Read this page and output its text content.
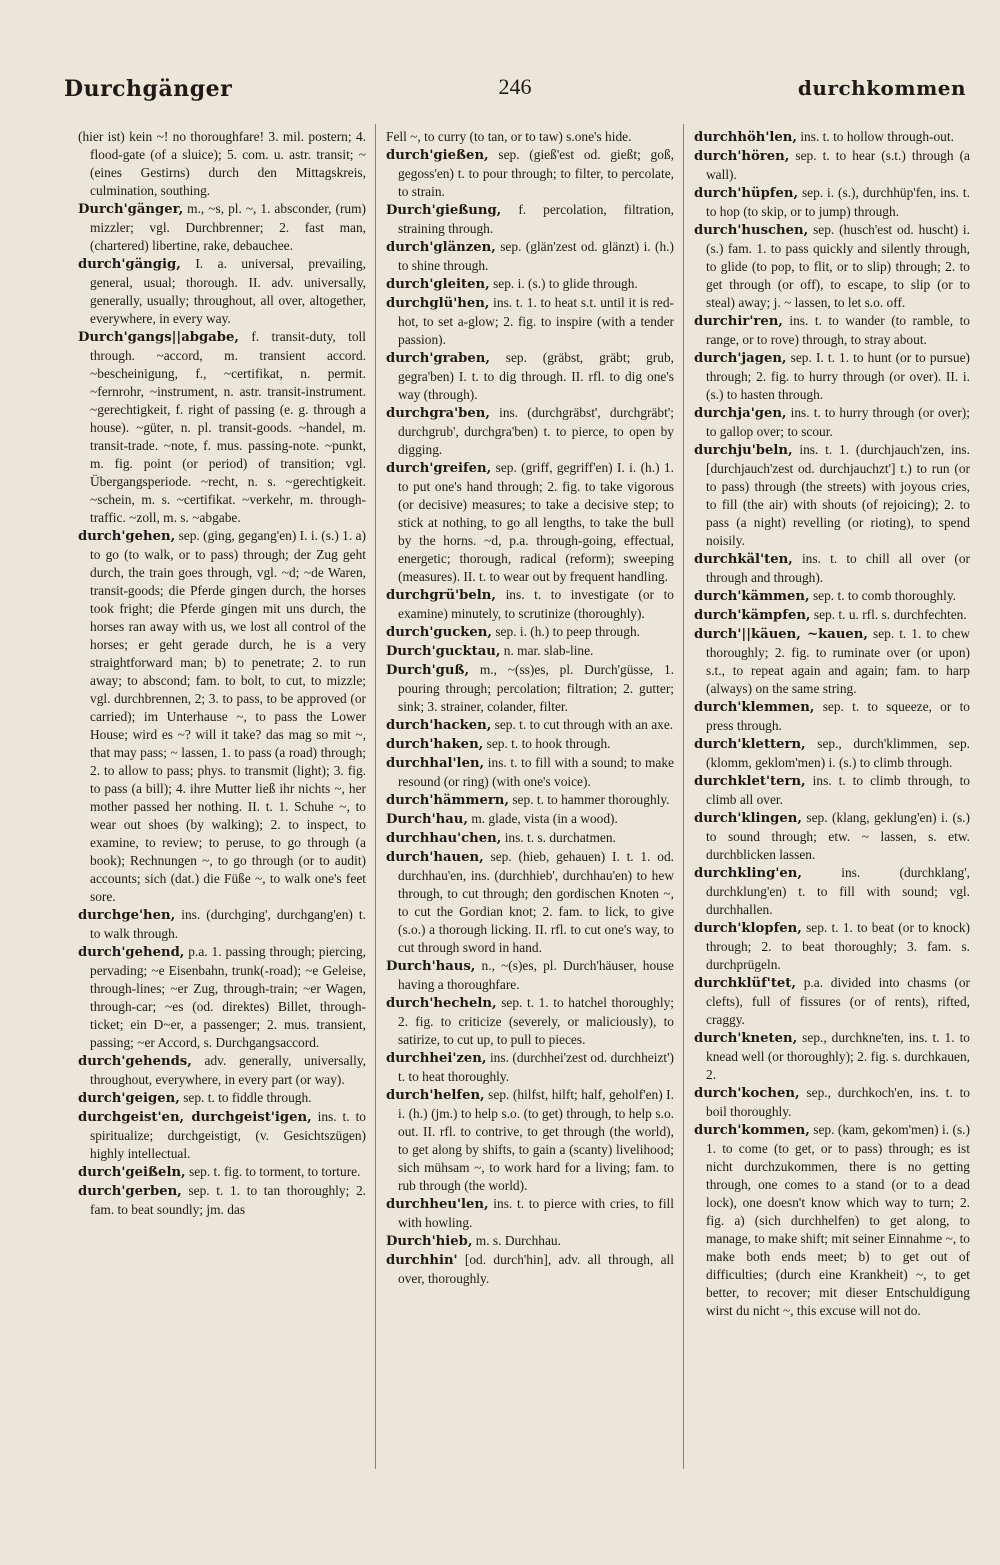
Durchgänger	246	durchkommen

(hier ist) kein ~! no thoroughfare! 3. mil. postern; 4. flood-gate (of a sluice); 5. com. u. astr. transit; ~ (eines Gestirns) durch den Mittagskreis, culmination, southing.

Durch'gänger, m., ~s, pl. ~, 1. absconder, (rum) mizzler; vgl. Durchbrenner; 2. fast man, (chartered) libertine, rake, debauchee.

durch'gängig, I. a. universal, prevailing, general, usual; thorough. II. adv. universally, generally, usually; throughout, all over, altogether, everywhere, in every way.

Durch'gangs||abgabe, f. transit-duty, toll through. ~accord, m. transient accord. ~bescheinigung, f., ~certifikat, n. permit. ~fernrohr, ~instrument, n. astr. transit-instrument. ~gerechtigkeit, f. right of passing (e. g. through a house). ~güter, n. pl. transit-goods. ~handel, m. transit-trade. ~note, f. mus. passing-note. ~punkt, m. fig. point (or period) of transition; vgl. Übergangsperiode. ~recht, n. s. ~gerechtigkeit. ~schein, m. s. ~certifikat. ~verkehr, m. through-traffic. ~zoll, m. s. ~abgabe.

durch'gehen, sep. (ging, gegang'en) I. i. (s.) 1. a) to go (to walk, or to pass) through; der Zug geht durch, the train goes through, vgl. ~d; ~de Waren, transit-goods; die Pferde gingen durch, the horses took fright; die Pferde gingen mit uns durch, the horses ran away with us, we lost all control of the horses; er geht gerade durch, he is a very straightforward man; b) to penetrate; 2. to run away; to abscond; fam. to bolt, to cut, to mizzle; vgl. durchbrennen, 2; 3. to pass, to be approved (or carried); im Unterhause ~, to pass the Lower House; wird es ~? will it take? das mag so mit ~, that may pass; ~ lassen, 1. to pass (a road) through; 2. to allow to pass; phys. to transmit (light); 3. fig. to pass (a bill); 4. ihre Mutter ließ ihr nichts ~, her mother passed her nothing. II. t. 1. Schuhe ~, to wear out shoes (by walking); 2. to inspect, to examine, to review; to peruse, to go through (a book); Rechnungen ~, to go through (or to audit) accounts; sich (dat.) die Füße ~, to walk one's feet sore.

durchge'hen, ins. (durchging', durchgang'en) t. to walk through.

durch'gehend, p.a. 1. passing through; piercing, pervading; ~e Eisenbahn, trunk(-road); ~e Geleise, through-lines; ~er Zug, through-train; ~er Wagen, through-car; ~es (od. direktes) Billet, through-ticket; ein D~er, a passenger; 2. mus. transient, passing; ~er Accord, s. Durchgangsaccord.

durch'gehends, adv. generally, universally, throughout, everywhere, in every part (or way).

durch'geigen, sep. t. to fiddle through.

durchgeist'en, durchgeist'igen, ins. t. to spiritualize; durchgeistigt, (v. Gesichtszügen) highly intellectual.

durch'geißeln, sep. t. fig. to torment, to torture.

durch'gerben, sep. t. 1. to tan thoroughly; 2. fam. to beat soundly; jm. das

Fell ~, to curry (to tan, or to taw) s.one's hide.

durch'gießen, sep. (gieß'est od. gießt; goß, gegoss'en) t. to pour through; to filter, to percolate, to strain.

Durch'gießung, f. percolation, filtration, straining through.

durch'glänzen, sep. (glän'zest od. glänzt) i. (h.) to shine through.

durch'gleiten, sep. i. (s.) to glide through.

durchglü'hen, ins. t. 1. to heat s.t. until it is red-hot, to set a-glow; 2. fig. to inspire (with a tender passion).

durch'graben, sep. (gräbst, gräbt; grub, gegra'ben) I. t. to dig through. II. rfl. to dig one's way (through).

durchgra'ben, ins. (durchgräbst', durchgräbt'; durchgrub', durchgra'ben) t. to pierce, to open by digging.

durch'greifen, sep. (griff, gegriff'en) I. i. (h.) 1. to put one's hand through; 2. fig. to take vigorous (or decisive) measures; to take a decisive step; to stick at nothing, to go all lengths, to take the bull by the horns. ~d, p.a. through-going, effectual, energetic; thorough, radical (reform); sweeping (measures). II. t. to wear out by frequent handling.

durchgrü'beln, ins. t. to investigate (or to examine) minutely, to scrutinize (thoroughly).

durch'gucken, sep. i. (h.) to peep through.

Durch'gucktau, n. mar. slab-line.

Durch'guß, m., ~(ss)es, pl. Durch'güsse, 1. pouring through; percolation; filtration; 2. gutter; sink; 3. strainer, colander, filter.

durch'hacken, sep. t. to cut through with an axe.

durch'haken, sep. t. to hook through.

durchhal'len, ins. t. to fill with a sound; to make resound (or ring) (with one's voice).

durch'hämmern, sep. t. to hammer thoroughly.

Durch'hau, m. glade, vista (in a wood).

durchhau'chen, ins. t. s. durchatmen.

durch'hauen, sep. (hieb, gehauen) I. t. 1. od. durchhau'en, ins. (durchhieb', durchhau'en) to hew through, to cut through; den gordischen Knoten ~, to cut the Gordian knot; 2. fam. to lick, to give (s.o.) a thorough licking. II. rfl. to cut one's way, to cut through sword in hand.

Durch'haus, n., ~(s)es, pl. Durch'häuser, house having a thoroughfare.

durch'hecheln, sep. t. 1. to hatchel thoroughly; 2. fig. to criticize (severely, or maliciously), to satirize, to cut up, to pull to pieces.

durchhei'zen, ins. (durchhei'zest od. durchheizt') t. to heat thoroughly.

durch'helfen, sep. (hilfst, hilft; half, geholf'en) I. i. (h.) (jm.) to help s.o. (to get) through, to help s.o. out. II. rfl. to contrive, to get through (the world), to get along by shifts, to gain a (scanty) livelihood; sich mühsam ~, to work hard for a living; fam. to rub through (the world).

durchheu'len, ins. t. to pierce with cries, to fill with howling.

Durch'hieb, m. s. Durchhau.

durchhin' [od. durch'hin], adv. all through, all over, thoroughly.

durchhöh'len, ins. t. to hollow through-out.

durch'hören, sep. t. to hear (s.t.) through (a wall).

durch'hüpfen, sep. i. (s.), durchhüp'fen, ins. t. to hop (to skip, or to jump) through.

durch'huschen, sep. (husch'est od. huscht) i. (s.) fam. 1. to pass quickly and silently through, to glide (to pop, to flit, or to slip) through; 2. to get through (or off), to escape, to slip (or to steal) away; j. ~ lassen, to let s.o. off.

durchir'ren, ins. t. to wander (to ramble, to range, or to rove) through, to stray about.

durch'jagen, sep. I. t. 1. to hunt (or to pursue) through; 2. fig. to hurry through (or over). II. i. (s.) to hasten through.

durchja'gen, ins. t. to hurry through (or over); to gallop over; to scour.

durchju'beln, ins. t. 1. (durchjauch'zen, ins. [durchjauch'zest od. durchjauchzt'] t.) to run (or to pass) through (the streets) with joyous cries, to fill (the air) with shouts (of rejoicing); 2. to pass (a night) revelling (or rioting), to spend noisily.

durchkäl'ten, ins. t. to chill all over (or through and through).

durch'kämmen, sep. t. to comb thoroughly.

durch'kämpfen, sep. t. u. rfl. s. durchfechten.

durch'||käuen, ~kauen, sep. t. 1. to chew thoroughly; 2. fig. to ruminate over (or upon) s.t., to repeat again and again; fam. to harp (always) on the same string.

durch'klemmen, sep. t. to squeeze, or to press through.

durch'klettern, sep., durch'klimmen, sep. (klomm, geklom'men) i. (s.) to climb through.

durchklet'tern, ins. t. to climb through, to climb all over.

durch'klingen, sep. (klang, geklung'en) i. (s.) to sound through; etw. ~ lassen, s. etw. durchblicken lassen.

durchkling'en,	ins. (durchklang', durchklung'en) t. to fill with sound; vgl. durchhallen.

durch'klopfen, sep. t. 1. to beat (or to knock) through; 2. to beat thoroughly; 3. fam. s. durchprügeln.

durchklüf'tet, p.a. divided into chasms (or clefts), full of fissures (or of rents), rifted, craggy.

durch'kneten, sep., durchkne'ten, ins. t. 1. to knead well (or thoroughly); 2. fig. s. durchkauen, 2.

durch'kochen, sep., durchkoch'en, ins. t. to boil thoroughly.

durch'kommen, sep. (kam, gekom'men) i. (s.) 1. to come (to get, or to pass) through; es ist nicht durchzukommen, there is no getting through, one comes to a stand (or to a dead lock), one doesn't know which way to turn; 2. fig. a) (sich durchhelfen) to get along, to manage, to make shift; mit seiner Einnahme ~, to make both ends meet; b) to get out of difficulties; (durch eine Krankheit) ~, to get better, to recover; mit dieser Entschuldigung wirst du nicht ~, this excuse will not do.
